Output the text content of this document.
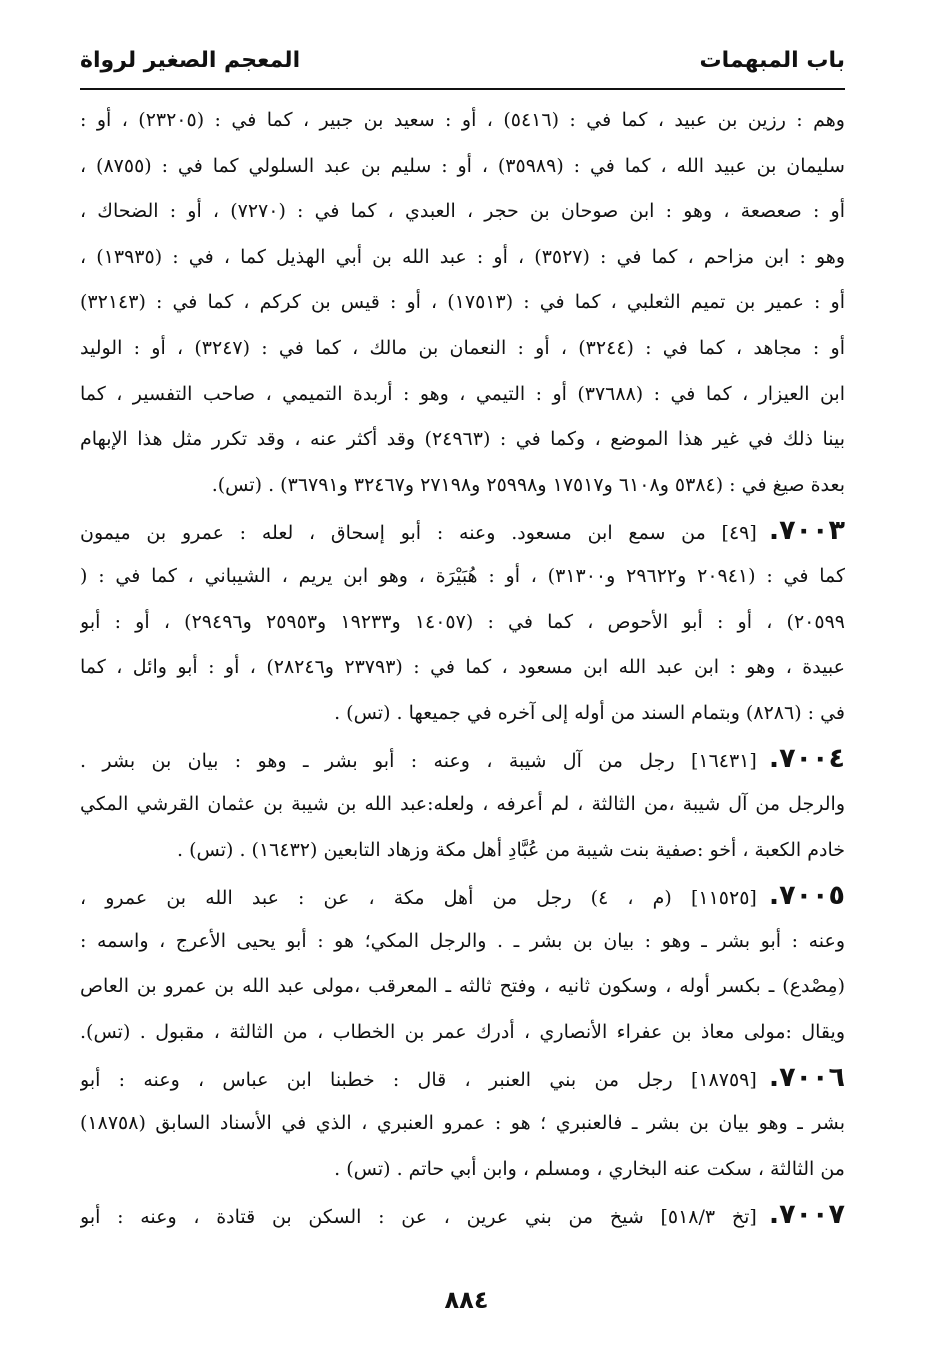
باب المبهمات
المعجم الصغير لرواة
وهم : رزين بن عبيد ، كما في : (٥٤١٦) ، أو : سعيد بن جبير ، كما في : (٢٣٢٠٥) ، أو :
سليمان بن عبيد الله ، كما في : (٣٥٩٨٩) ، أو : سليم بن عبد السلولي كما في : (٨٧٥٥) ،
أو : صعصعة ، وهو : ابن صوحان بن حجر ، العبدي ، كما في : (٧٢٧٠) ، أو : الضحاك ،
وهو : ابن مزاحم ، كما في : (٣٥٢٧) ، أو : عبد الله بن أبي الهذيل كما ، في : (١٣٩٣٥) ،
أو : عمير بن تميم الثعلبي ، كما في : (١٧٥١٣) ، أو : قيس بن كركم ، كما في : (٣٢١٤٣)
أو : مجاهد ، كما في : (٣٢٤٤) ، أو : النعمان بن مالك ، كما في : (٣٢٤٧) ، أو : الوليد
ابن العيزار ، كما في : (٣٧٦٨٨) أو : التيمي ، وهو : أربدة التميمي ، صاحب التفسير ، كما
بينا ذلك في غير هذا الموضع ، وكما في : (٢٤٩٦٣) وقد أكثر عنه ، وقد تكرر مثل هذا الإبهام
بعدة صيغ في : (٥٣٨٤ و٦١٠٨ و١٧٥١٧ و٢٥٩٩٨ و٢٧١٩٨ و٣٢٤٦٧ و٣٦٧٩١) . (تس).
٧٠٠٣.[٤٩] من سمع ابن مسعود. وعنه : أبو إسحاق ، لعله : عمرو بن ميمون
كما في : (٢٠٩٤١ و٢٩٦٢٢ و٣١٣٠٠) ، أو : هُبَيْرَة ، وهو ابن يريم ، الشيباني ، كما في : (
٢٠٥٩٩) ، أو : أبو الأحوص ، كما في : (١٤٠٥٧ و١٩٢٣٣ و٢٥٩٥٣ و٢٩٤٩٦) ، أو : أبو
عبيدة ، وهو : ابن عبد الله ابن مسعود ، كما في : (٢٣٧٩٣ و٢٨٢٤٦) ، أو : أبو وائل ، كما
في : (٨٢٨٦) وبتمام السند من أوله إلى آخره في جميعها . (تس) .
٧٠٠٤.[١٦٤٣١] رجل من آل شيبة ، وعنه : أبو بشر ـ وهو : بيان بن بشر .
والرجل من آل شيبة ،من الثالثة ، لم أعرفه ، ولعله:عبد الله بن شيبة بن عثمان القرشي المكي
خادم الكعبة ، أخو :صفية بنت شيبة من عُبَّادِ أهل مكة وزهاد التابعين (١٦٤٣٢) . (تس) .
٧٠٠٥.[١١٥٢٥] (م ، ٤) رجل من أهل مكة ، عن : عبد الله بن عمرو ،
وعنه : أبو بشر ـ وهو : بيان بن بشر ـ . والرجل المكي؛ هو : أبو يحيى الأعرج ، واسمه :
(مِصْدع) ـ بكسر أوله ، وسكون ثانيه ، وفتح ثالثه ـ المعرقب ،مولى عبد الله بن عمرو بن العاص
ويقال :مولى معاذ بن عفراء الأنصاري ، أدرك عمر بن الخطاب ، من الثالثة ، مقبول . (تس).
٧٠٠٦.[١٨٧٥٩] رجل من بني العنبر ، قال : خطبنا ابن عباس ، وعنه : أبو
بشر ـ وهو بيان بن بشر ـ فالعنبري ؛ هو : عمرو العنبري ، الذي في الأسناد السابق (١٨٧٥٨)
من الثالثة ، سكت عنه البخاري ، ومسلم ، وابن أبي حاتم . (تس) .
٧٠٠٧.[تخ ٥١٨/٣] شيخ من بني عرين ، عن : السكن بن قتادة ، وعنه : أبو
٨٨٤
